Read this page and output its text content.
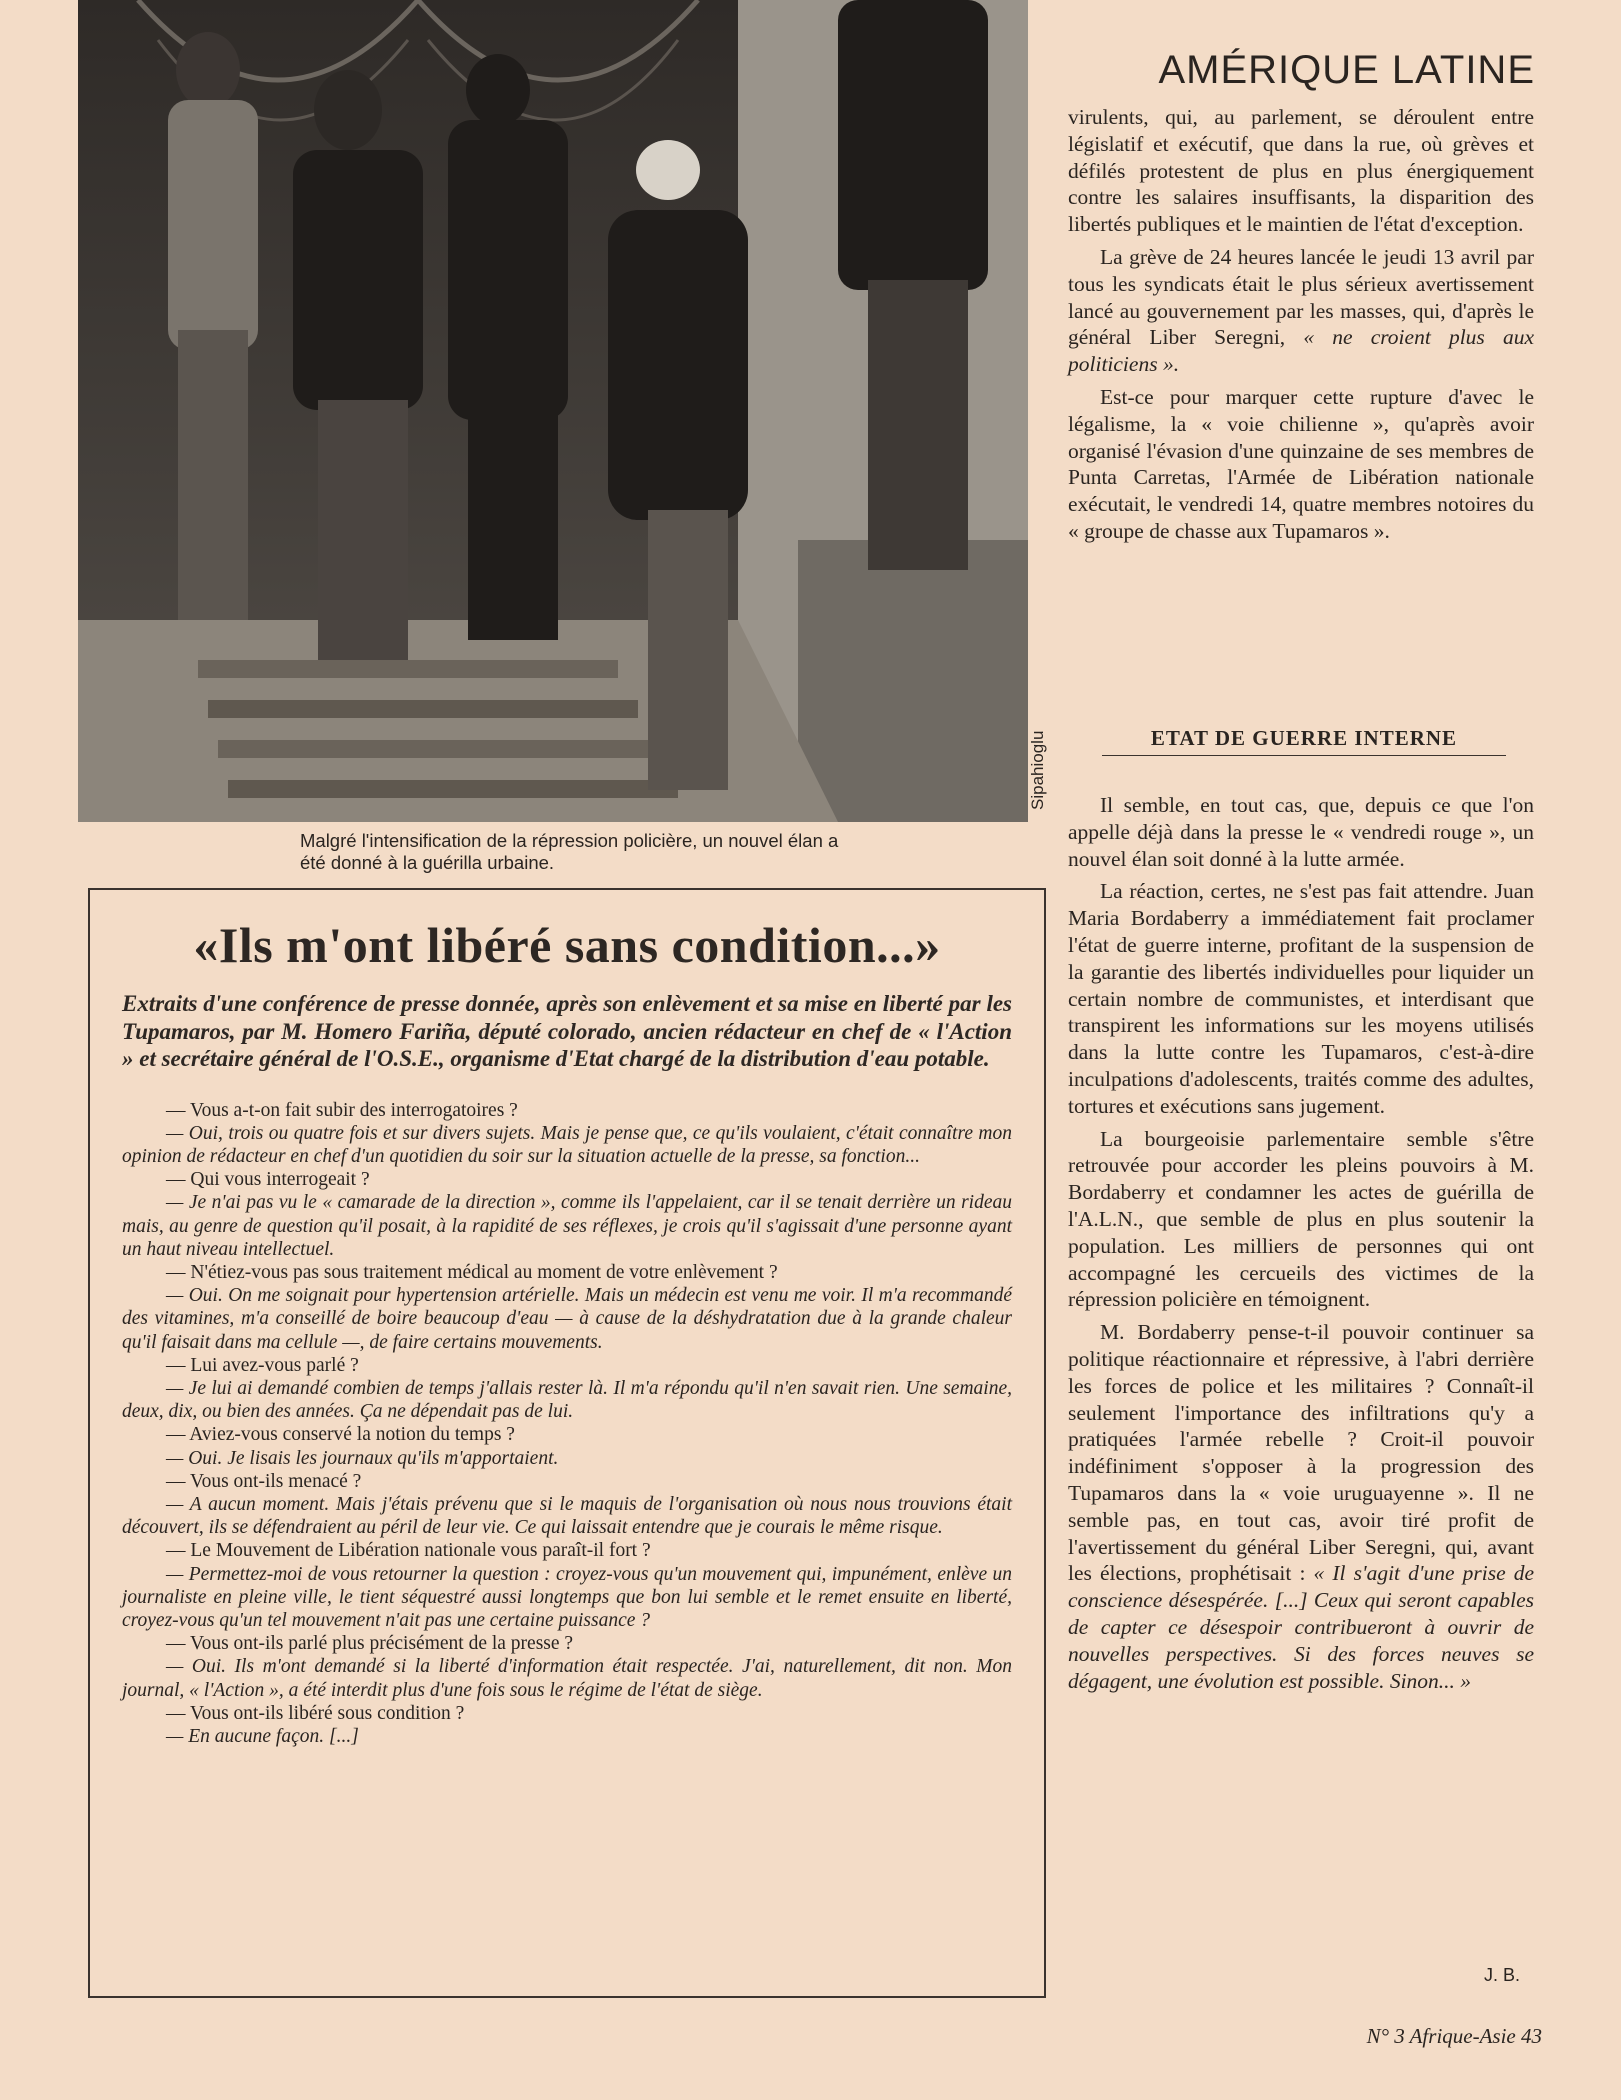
Sipahioglu
Malgré l'intensification de la répression policière, un nouvel élan a été donné à la guérilla urbaine.
AMÉRIQUE LATINE

virulents, qui, au parlement, se déroulent entre législatif et exécutif, que dans la rue, où grèves et défilés protestent de plus en plus énergiquement contre les salaires insuffisants, la disparition des libertés publiques et le maintien de l'état d'exception.

La grève de 24 heures lancée le jeudi 13 avril par tous les syndicats était le plus sérieux avertissement lancé au gouvernement par les masses, qui, d'après le général Liber Seregni, « ne croient plus aux politiciens ».

Est-ce pour marquer cette rupture d'avec le légalisme, la « voie chilienne », qu'après avoir organisé l'évasion d'une quinzaine de ses membres de Punta Carretas, l'Armée de Libération nationale exécutait, le vendredi 14, quatre membres notoires du « groupe de chasse aux Tupamaros ».

ETAT DE GUERRE INTERNE

Il semble, en tout cas, que, depuis ce que l'on appelle déjà dans la presse le « vendredi rouge », un nouvel élan soit donné à la lutte armée.

La réaction, certes, ne s'est pas fait attendre. Juan Maria Bordaberry a immédiatement fait proclamer l'état de guerre interne, profitant de la suspension de la garantie des libertés individuelles pour liquider un certain nombre de communistes, et interdisant que transpirent les informations sur les moyens utilisés dans la lutte contre les Tupamaros, c'est-à-dire inculpations d'adolescents, traités comme des adultes, tortures et exécutions sans jugement.

La bourgeoisie parlementaire semble s'être retrouvée pour accorder les pleins pouvoirs à M. Bordaberry et condamner les actes de guérilla de l'A.L.N., que semble de plus en plus soutenir la population. Les milliers de personnes qui ont accompagné les cercueils des victimes de la répression policière en témoignent.

M. Bordaberry pense-t-il pouvoir continuer sa politique réactionnaire et répressive, à l'abri derrière les forces de police et les militaires ? Connaît-il seulement l'importance des infiltrations qu'y a pratiquées l'armée rebelle ? Croit-il pouvoir indéfiniment s'opposer à la progression des Tupamaros dans la « voie uruguayenne ». Il ne semble pas, en tout cas, avoir tiré profit de l'avertissement du général Liber Seregni, qui, avant les élections, prophétisait : « Il s'agit d'une prise de conscience désespérée. [...] Ceux qui seront capables de capter ce désespoir contribueront à ouvrir de nouvelles perspectives. Si des forces neuves se dégagent, une évolution est possible. Sinon... »

J. B.
«Ils m'ont libéré sans condition...»
Extraits d'une conférence de presse donnée, après son enlèvement et sa mise en liberté par les Tupamaros, par M. Homero Fariña, député colorado, ancien rédacteur en chef de « l'Action » et secrétaire général de l'O.S.E., organisme d'Etat chargé de la distribution d'eau potable.

— Vous a-t-on fait subir des interrogatoires ?

— Oui, trois ou quatre fois et sur divers sujets. Mais je pense que, ce qu'ils voulaient, c'était connaître mon opinion de rédacteur en chef d'un quotidien du soir sur la situation actuelle de la presse, sa fonction...

— Qui vous interrogeait ?

— Je n'ai pas vu le « camarade de la direction », comme ils l'appelaient, car il se tenait derrière un rideau mais, au genre de question qu'il posait, à la rapidité de ses réflexes, je crois qu'il s'agissait d'une personne ayant un haut niveau intellectuel.

— N'étiez-vous pas sous traitement médical au moment de votre enlèvement ?

— Oui. On me soignait pour hypertension artérielle. Mais un médecin est venu me voir. Il m'a recommandé des vitamines, m'a conseillé de boire beaucoup d'eau — à cause de la déshydratation due à la grande chaleur qu'il faisait dans ma cellule —, de faire certains mouvements.

— Lui avez-vous parlé ?

— Je lui ai demandé combien de temps j'allais rester là. Il m'a répondu qu'il n'en savait rien. Une semaine, deux, dix, ou bien des années. Ça ne dépendait pas de lui.

— Aviez-vous conservé la notion du temps ?

— Oui. Je lisais les journaux qu'ils m'apportaient.

— Vous ont-ils menacé ?

— A aucun moment. Mais j'étais prévenu que si le maquis de l'organisation où nous nous trouvions était découvert, ils se défendraient au péril de leur vie. Ce qui laissait entendre que je courais le même risque.

— Le Mouvement de Libération nationale vous paraît-il fort ?

— Permettez-moi de vous retourner la question : croyez-vous qu'un mouvement qui, impunément, enlève un journaliste en pleine ville, le tient séquestré aussi longtemps que bon lui semble et le remet ensuite en liberté, croyez-vous qu'un tel mouvement n'ait pas une certaine puissance ?

— Vous ont-ils parlé plus précisément de la presse ?

— Oui. Ils m'ont demandé si la liberté d'information était respectée. J'ai, naturellement, dit non. Mon journal, « l'Action », a été interdit plus d'une fois sous le régime de l'état de siège.

— Vous ont-ils libéré sous condition ?

— En aucune façon. [...]

N° 3 Afrique-Asie 43
